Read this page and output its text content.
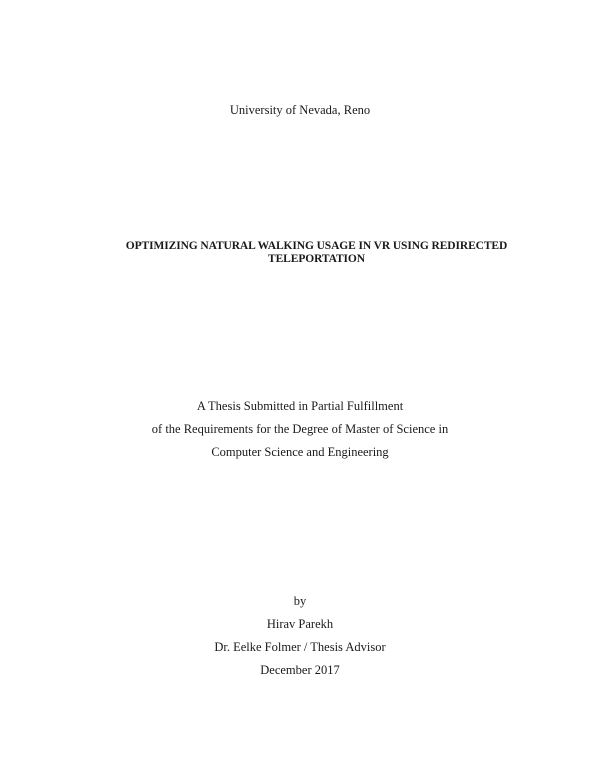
University of Nevada, Reno
OPTIMIZING NATURAL WALKING USAGE IN VR USING REDIRECTED
TELEPORTATION
A Thesis Submitted in Partial Fulfillment
of the Requirements for the Degree of Master of Science in
Computer Science and Engineering
by
Hirav Parekh
Dr. Eelke Folmer / Thesis Advisor
December 2017
